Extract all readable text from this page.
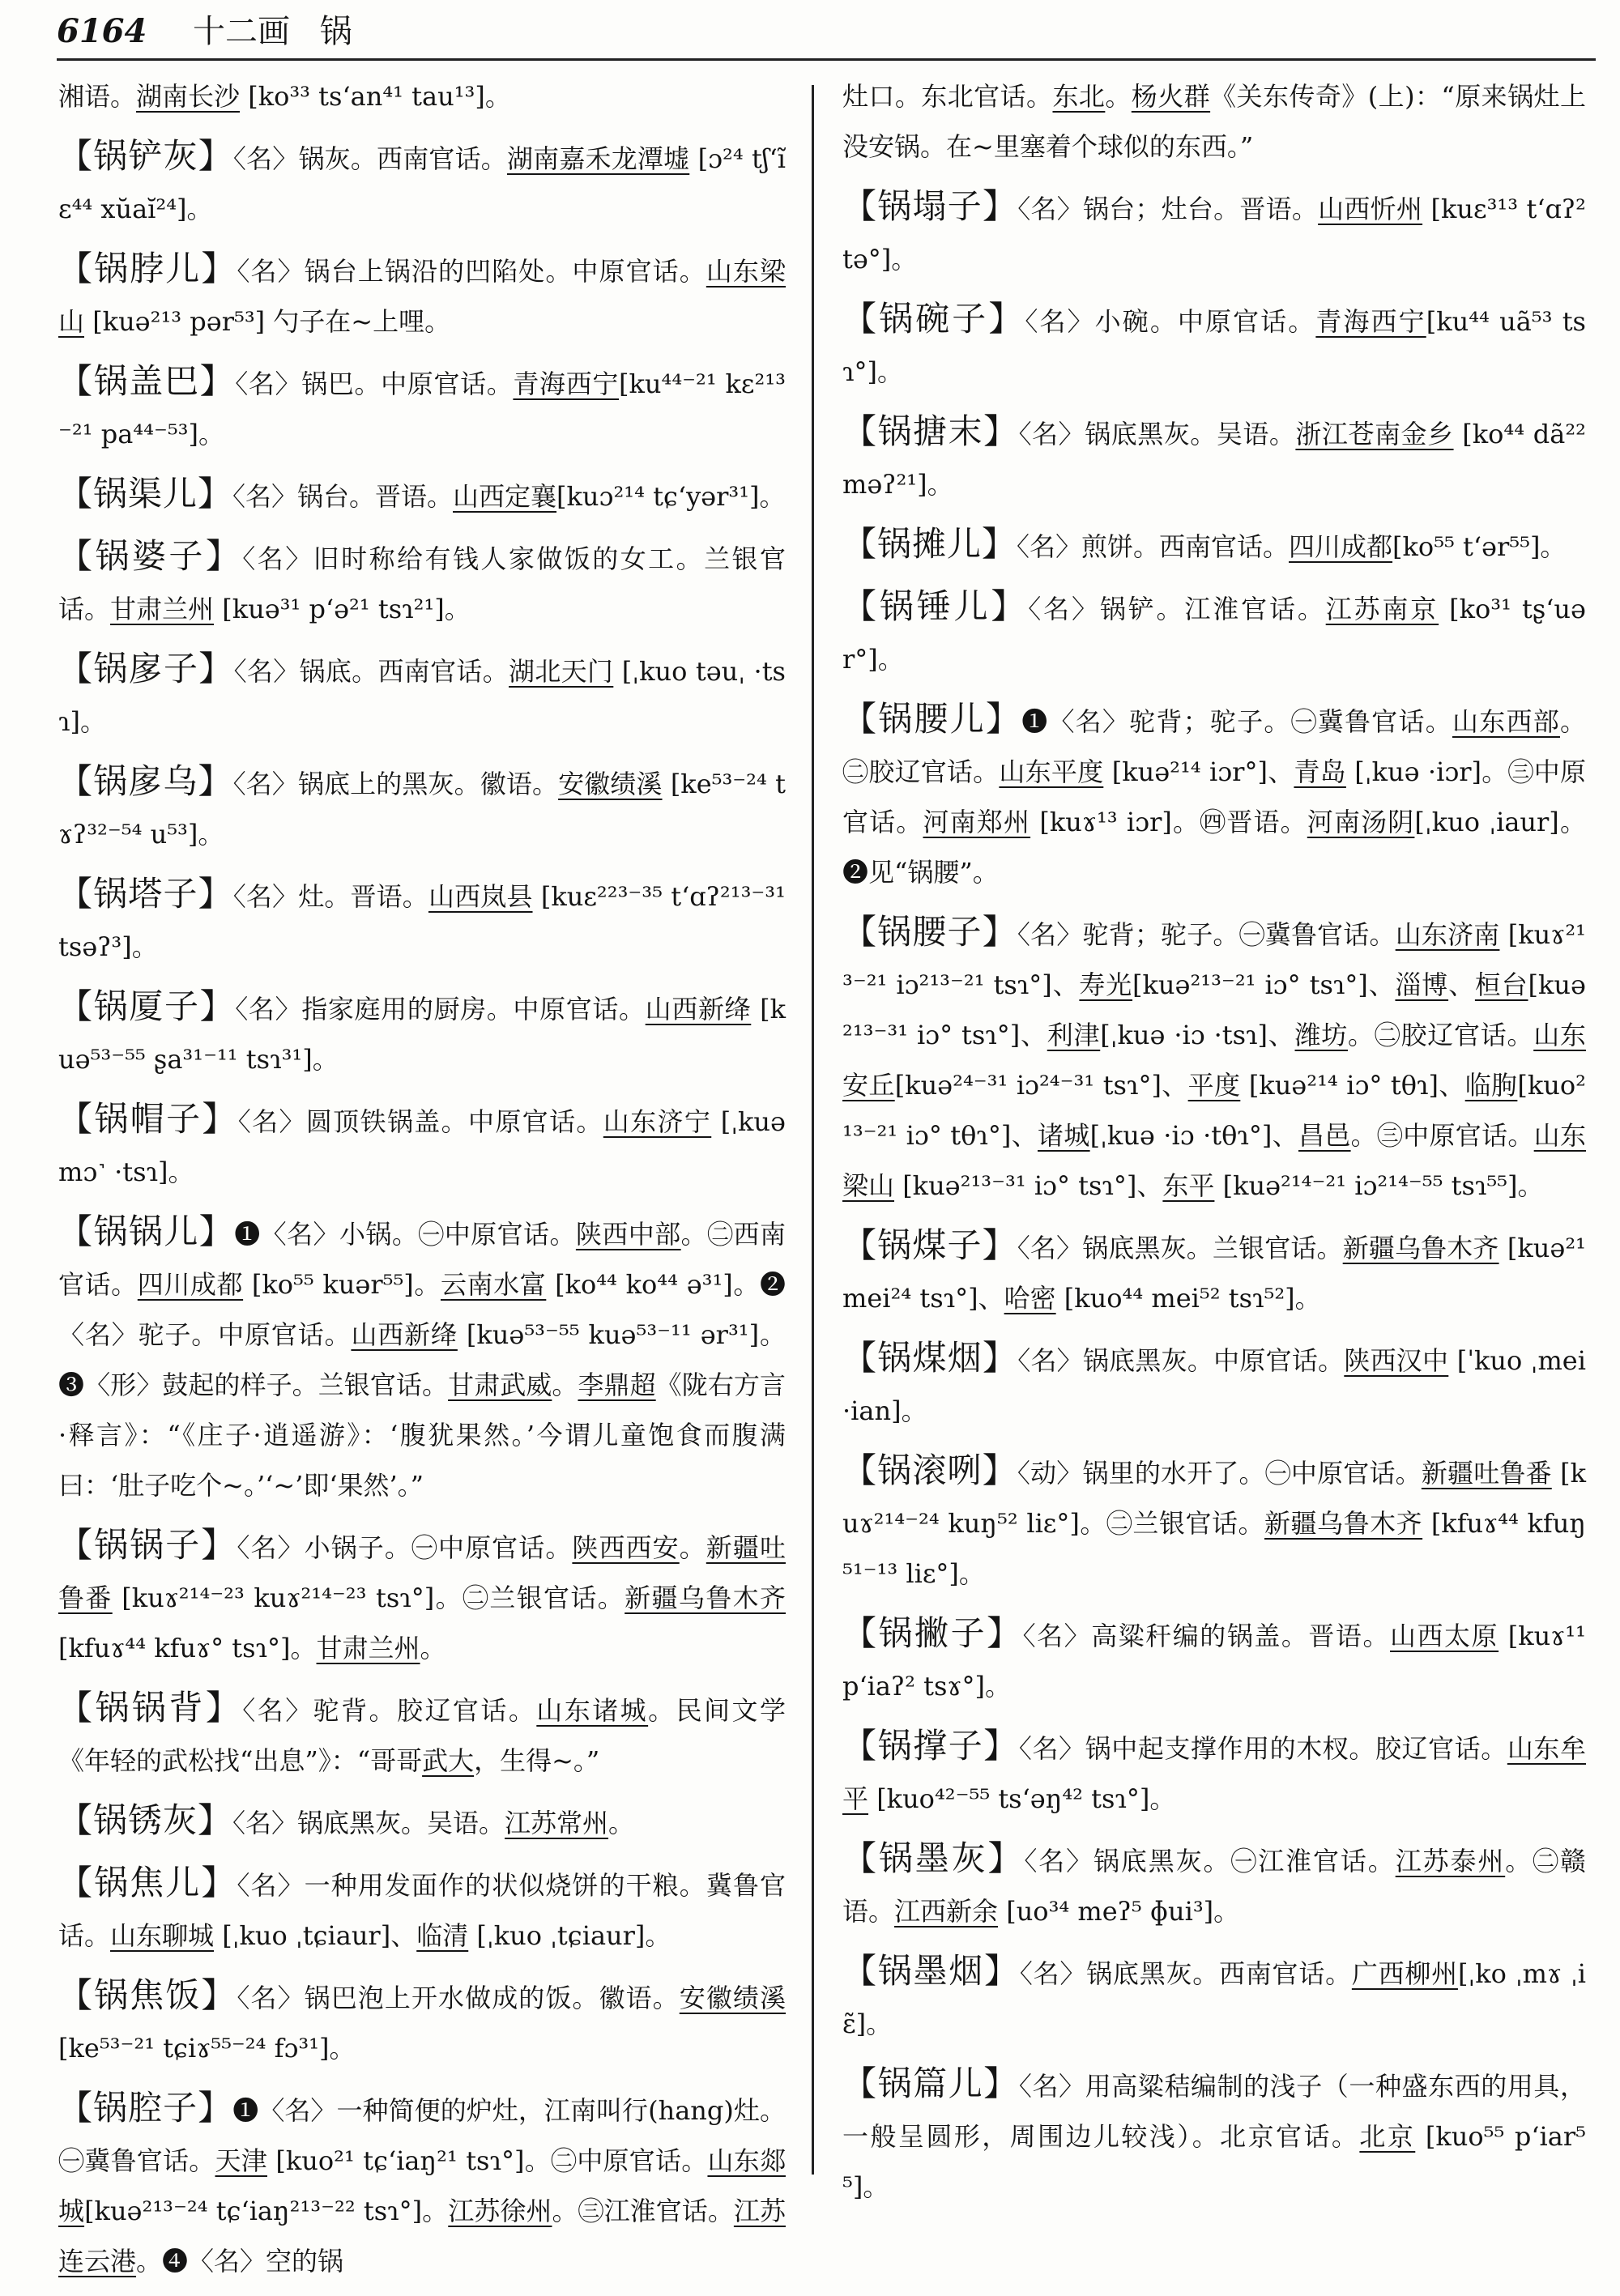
6164 十二画 锅
湘语。湖南长沙 [ko³³ ts‘an⁴¹ tau¹³]。
【锅铲灰】〈名〉锅灰。西南官话。湖南嘉禾龙潭墟 [ɔ²⁴ tʃ‘ĩɛ⁴⁴ xŭaĭ²⁴]。
【锅脖儿】〈名〉锅台上锅沿的凹陷处。中原官话。山东梁山 [kuə²¹³ pər⁵³] 勺子在~上哩。
【锅盖巴】〈名〉锅巴。中原官话。青海西宁[ku⁴⁴⁻²¹ kɛ²¹³⁻²¹ pa⁴⁴⁻⁵³]。
【锅渠儿】〈名〉锅台。晋语。山西定襄[kuɔ²¹⁴ tɕ‘yər³¹]。
【锅婆子】〈名〉旧时称给有钱人家做饭的女工。兰银官话。甘肃兰州 [kuə³¹ p‘ə²¹ tsɿ²¹]。
【锅扅子】〈名〉锅底。西南官话。湖北天门 [ˌkuo təuˌ ·tsɿ]。
【锅扅乌】〈名〉锅底上的黑灰。徽语。安徽绩溪 [ke⁵³⁻²⁴ tɤʔ³²⁻⁵⁴ u⁵³]。
【锅塔子】〈名〉灶。晋语。山西岚县 [kuɛ²²³⁻³⁵ t‘ɑʔ²¹³⁻³¹ tsəʔ³]。
【锅厦子】〈名〉指家庭用的厨房。中原官话。山西新绛 [kuə⁵³⁻⁵⁵ ʂa³¹⁻¹¹ tsɿ³¹]。
【锅帽子】〈名〉圆顶铁锅盖。中原官话。山东济宁 [ˌkuə mɔ˺ ·tsɿ]。
【锅锅儿】❶〈名〉小锅。㊀中原官话。陕西中部。㊁西南官话。四川成都 [ko⁵⁵ kuər⁵⁵]。云南水富 [ko⁴⁴ ko⁴⁴ ə³¹]。❷〈名〉驼子。中原官话。山西新绛 [kuə⁵³⁻⁵⁵ kuə⁵³⁻¹¹ ər³¹]。❸〈形〉鼓起的样子。兰银官话。甘肃武威。李鼎超《陇右方言·释言》：“《庄子·逍遥游》：‘腹犹果然。’今谓儿童饱食而腹满曰：‘肚子吃个~。’‘~’即‘果然’。”
【锅锅子】〈名〉小锅子。㊀中原官话。陕西西安。新疆吐鲁番 [kuɤ²¹⁴⁻²³ kuɤ²¹⁴⁻²³ tsɿ°]。㊁兰银官话。新疆乌鲁木齐[kfuɤ⁴⁴ kfuɤ° tsɿ°]。甘肃兰州。
【锅锅背】〈名〉驼背。胶辽官话。山东诸城。民间文学《年轻的武松找“出息”》：“哥哥武大，生得~。”
【锅锈灰】〈名〉锅底黑灰。吴语。江苏常州。
【锅焦儿】〈名〉一种用发面作的状似烧饼的干粮。冀鲁官话。山东聊城 [ˌkuo ˌtɕiaur]、临清 [ˌkuo ˌtɕiaur]。
【锅焦饭】〈名〉锅巴泡上开水做成的饭。徽语。安徽绩溪 [ke⁵³⁻²¹ tɕiɤ⁵⁵⁻²⁴ fɔ³¹]。
【锅腔子】❶〈名〉一种简便的炉灶，江南叫行(hang)灶。㊀冀鲁官话。天津 [kuo²¹ tɕ‘iaŋ²¹ tsɿ°]。㊁中原官话。山东郯城[kuə²¹³⁻²⁴ tɕ‘iaŋ²¹³⁻²² tsɿ°]。江苏徐州。㊂江淮官话。江苏连云港。❹〈名〉空的锅
灶口。东北官话。东北。杨火群《关东传奇》(上)：“原来锅灶上没安锅。在~里塞着个球似的东西。”
【锅塌子】〈名〉锅台；灶台。晋语。山西忻州 [kuɛ³¹³ t‘ɑʔ² tə°]。
【锅碗子】〈名〉小碗。中原官话。青海西宁[ku⁴⁴ uã⁵³ tsɿ°]。
【锅搪末】〈名〉锅底黑灰。吴语。浙江苍南金乡 [ko⁴⁴ dã²² məʔ²¹]。
【锅摊儿】〈名〉煎饼。西南官话。四川成都[ko⁵⁵ t‘ər⁵⁵]。
【锅锤儿】〈名〉锅铲。江淮官话。江苏南京 [ko³¹ tʂ‘uər°]。
【锅腰儿】❶〈名〉驼背；驼子。㊀冀鲁官话。山东西部。㊁胶辽官话。山东平度 [kuə²¹⁴ iɔr°]、青岛 [ˌkuə ·iɔr]。㊂中原官话。河南郑州 [kuɤ¹³ iɔr]。㊃晋语。河南汤阴[ˌkuo ˌiaur]。❷见“锅腰”。
【锅腰子】〈名〉驼背；驼子。㊀冀鲁官话。山东济南 [kuɤ²¹³⁻²¹ iɔ²¹³⁻²¹ tsɿ°]、寿光[kuə²¹³⁻²¹ iɔ° tsɿ°]、淄博、桓台[kuə²¹³⁻³¹ iɔ° tsɿ°]、利津[ˌkuə ·iɔ ·tsɿ]、潍坊。㊁胶辽官话。山东安丘[kuə²⁴⁻³¹ iɔ²⁴⁻³¹ tsɿ°]、平度 [kuə²¹⁴ iɔ° tθɿ]、临朐[kuo²¹³⁻²¹ iɔ° tθɿ°]、诸城[ˌkuə ·iɔ ·tθɿ°]、昌邑。㊂中原官话。山东梁山 [kuə²¹³⁻³¹ iɔ° tsɿ°]、东平 [kuə²¹⁴⁻²¹ iɔ²¹⁴⁻⁵⁵ tsɿ⁵⁵]。
【锅煤子】〈名〉锅底黑灰。兰银官话。新疆乌鲁木齐 [kuə²¹ mei²⁴ tsɿ°]、哈密 [kuo⁴⁴ mei⁵² tsɿ⁵²]。
【锅煤烟】〈名〉锅底黑灰。中原官话。陕西汉中 [ˈkuo ˌmei ·ian]。
【锅滚咧】〈动〉锅里的水开了。㊀中原官话。新疆吐鲁番 [kuɤ²¹⁴⁻²⁴ kuŋ⁵² liɛ°]。㊁兰银官话。新疆乌鲁木齐 [kfuɤ⁴⁴ kfuŋ⁵¹⁻¹³ liɛ°]。
【锅撇子】〈名〉高粱秆编的锅盖。晋语。山西太原 [kuɤ¹¹ p‘iaʔ² tsɤ°]。
【锅撑子】〈名〉锅中起支撑作用的木杈。胶辽官话。山东牟平 [kuo⁴²⁻⁵⁵ ts‘əŋ⁴² tsɿ°]。
【锅墨灰】〈名〉锅底黑灰。㊀江淮官话。江苏泰州。㊁赣语。江西新余 [uo³⁴ meʔ⁵ ɸui³]。
【锅墨烟】〈名〉锅底黑灰。西南官话。广西柳州[ˌko ˌmɤ ˌiɛ̃]。
【锅篇儿】〈名〉用高粱秸编制的浅子（一种盛东西的用具，一般呈圆形，周围边儿较浅）。北京官话。北京 [kuo⁵⁵ p‘iar⁵⁵]。
